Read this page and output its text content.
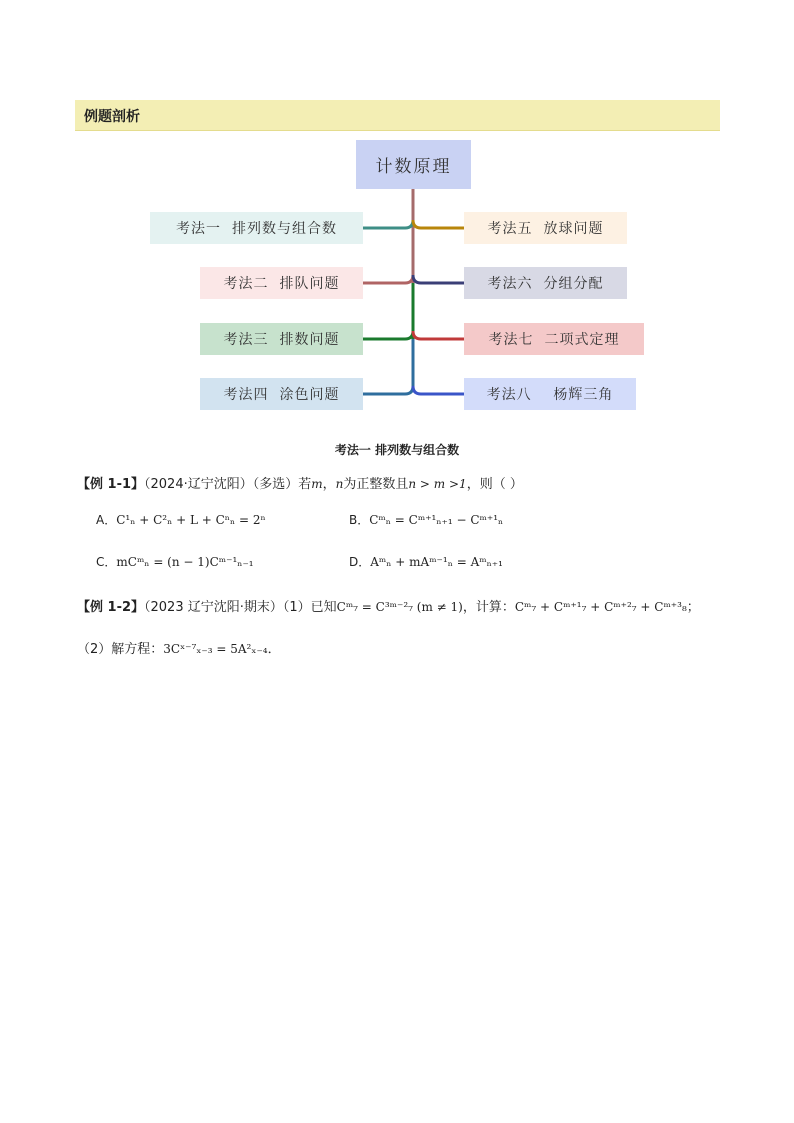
例题剖析
计数原理
考法一  排列数与组合数
考法二  排队问题
考法三  排数问题
考法四  涂色问题
考法五  放球问题
考法六  分组分配
考法七  二项式定理
考法八    杨辉三角
考法一 排列数与组合数
【例 1-1】（2024·辽宁沈阳）（多选）若m，n为正整数且n > m >1，则（ ）
A．C¹ₙ + C²ₙ + L + Cⁿₙ = 2ⁿ	B．Cᵐₙ = Cᵐ⁺¹ₙ₊₁ − Cᵐ⁺¹ₙ
C．mCᵐₙ = (n − 1)Cᵐ⁻¹ₙ₋₁	D．Aᵐₙ + mAᵐ⁻¹ₙ = Aᵐₙ₊₁
【例 1-2】（2023 辽宁沈阳·期末）（1）已知Cᵐ₇ = C³ᵐ⁻²₇ (m ≠ 1)，计算：Cᵐ₇ + Cᵐ⁺¹₇ + Cᵐ⁺²₇ + Cᵐ⁺³₈；
（2）解方程：3Cˣ⁻⁷ₓ₋₃ = 5A²ₓ₋₄．
